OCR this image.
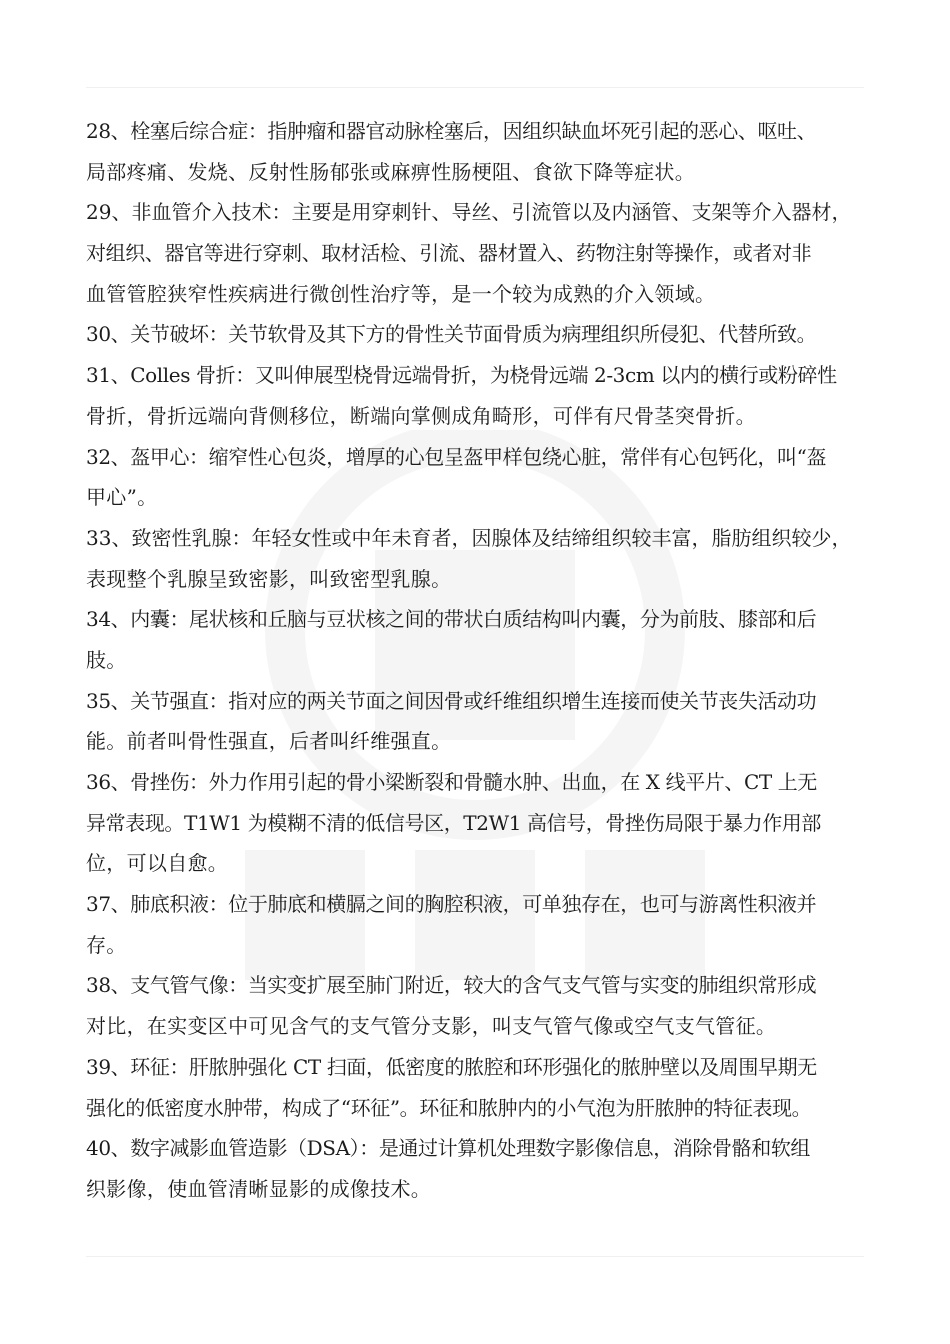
28、栓塞后综合症：指肿瘤和器官动脉栓塞后，因组织缺血坏死引起的恶心、呕吐、
局部疼痛、发烧、反射性肠郁张或麻痹性肠梗阻、食欲下降等症状。
29、非血管介入技术：主要是用穿刺针、导丝、引流管以及内涵管、支架等介入器材，
对组织、器官等进行穿刺、取材活检、引流、器材置入、药物注射等操作，或者对非
血管管腔狭窄性疾病进行微创性治疗等，是一个较为成熟的介入领域。
30、关节破坏：关节软骨及其下方的骨性关节面骨质为病理组织所侵犯、代替所致。
31、Colles 骨折：又叫伸展型桡骨远端骨折，为桡骨远端 2-3cm 以内的横行或粉碎性
骨折，骨折远端向背侧移位，断端向掌侧成角畸形，可伴有尺骨茎突骨折。
32、盔甲心：缩窄性心包炎，增厚的心包呈盔甲样包绕心脏，常伴有心包钙化，叫“盔
甲心”。
33、致密性乳腺：年轻女性或中年未育者，因腺体及结缔组织较丰富，脂肪组织较少，
表现整个乳腺呈致密影，叫致密型乳腺。
34、内囊：尾状核和丘脑与豆状核之间的带状白质结构叫内囊，分为前肢、膝部和后
肢。
35、关节强直：指对应的两关节面之间因骨或纤维组织增生连接而使关节丧失活动功
能。前者叫骨性强直，后者叫纤维强直。
36、骨挫伤：外力作用引起的骨小梁断裂和骨髓水肿、出血，在 X 线平片、CT 上无
异常表现。T1W1 为模糊不清的低信号区，T2W1 高信号，骨挫伤局限于暴力作用部
位，可以自愈。
37、肺底积液：位于肺底和横膈之间的胸腔积液，可单独存在，也可与游离性积液并
存。
38、支气管气像：当实变扩展至肺门附近，较大的含气支气管与实变的肺组织常形成
对比，在实变区中可见含气的支气管分支影，叫支气管气像或空气支气管征。
39、环征：肝脓肿强化 CT 扫面，低密度的脓腔和环形强化的脓肿壁以及周围早期无
强化的低密度水肿带，构成了“环征”。环征和脓肿内的小气泡为肝脓肿的特征表现。
40、数字减影血管造影（DSA）：是通过计算机处理数字影像信息，消除骨骼和软组
织影像，使血管清晰显影的成像技术。
